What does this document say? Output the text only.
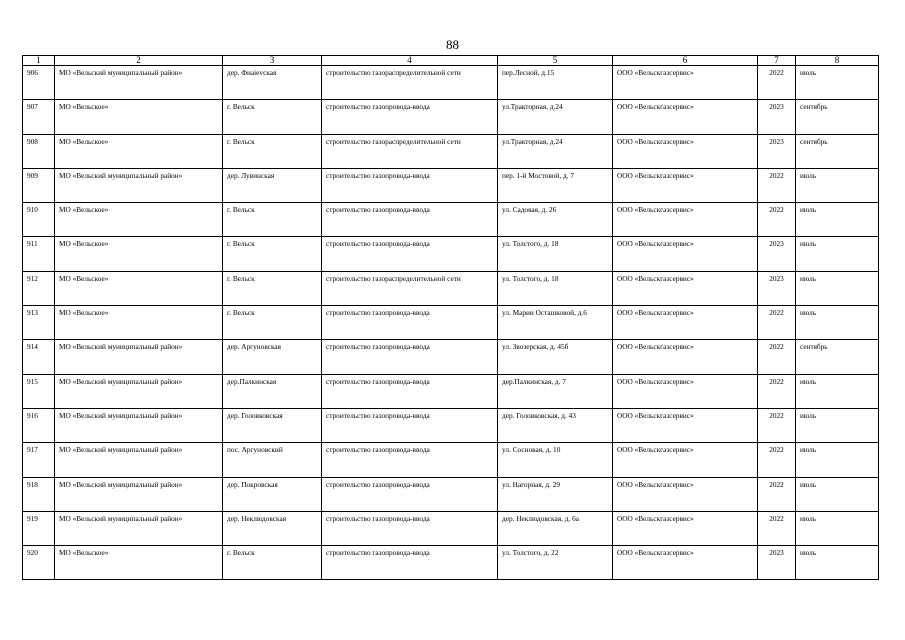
88
1	2	3	4	5	6	7	8
906	МО «Вельский муниципальный район»	дер. Фиаievская	строительство газораспределительной сети	пер.Лесной, д.15	ООО «Вельскгазсервис»	2022	июль
907	МО «Вельское»	г. Вельск	строительство газопровода-ввода	ул.Тракторная, д.24	ООО «Вельскгазсервис»	2023	сентябрь
908	МО «Вельское»	г. Вельск	строительство газораспределительной сети	ул.Тракторная, д.24	ООО «Вельскгазсервис»	2023	сентябрь
909	МО «Вельский муниципальный район»	дер. Лувинская	строительство газопровода-ввода	пер. 1-й Мостовой, д. 7	ООО «Вельскгазсервис»	2022	июль
910	МО «Вельское»	г. Вельск	строительство газопровода-ввода	ул. Садовая, д. 26	ООО «Вельскгазсервис»	2022	июль
911	МО «Вельское»	г. Вельск	строительство газопровода-ввода	ул. Толстого, д. 18	ООО «Вельскгазсервис»	2023	июль
912	МО «Вельское»	г. Вельск	строительство газораспределительной сети	ул. Толстого, д. 18	ООО «Вельскгазсервис»	2023	июль
913	МО «Вельское»	г. Вельск	строительство газопровода-ввода	ул. Марии Осташковой, д.6	ООО «Вельскгазсервис»	2022	июль
914	МО «Вельский муниципальный район»	дер. Аргуновская	строительство газопровода-ввода	ул. Звозерская, д. 45б	ООО «Вельскгазсервис»	2022	сентябрь
915	МО «Вельский муниципальный район»	дер.Палкинская	строительство газопровода-ввода	дер.Палкинская, д. 7	ООО «Вельскгазсервис»	2022	июль
916	МО «Вельский муниципальный район»	дер. Головковская	строительство газопровода-ввода	дер. Головковская, д. 43	ООО «Вельскгазсервис»	2022	июль
917	МО «Вельский муниципальный район»	пос. Аргуновский	строительство газопровода-ввода	ул. Сосновая, д. 10	ООО «Вельскгазсервис»	2022	июль
918	МО «Вельский муниципальный район»	дер. Покровская	строительство газопровода-ввода	ул. Нагорная, д. 29	ООО «Вельскгазсервис»	2022	июль
919	МО «Вельский муниципальный район»	дер. Неклюдовская	строительство газопровода-ввода	дер. Неклюдовская, д. 6а	ООО «Вельскгазсервис»	2022	июль
920	МО «Вельское»	г. Вельск	строительство газопровода-ввода	ул. Толстого, д. 22	ООО «Вельскгазсервис»	2023	июль
